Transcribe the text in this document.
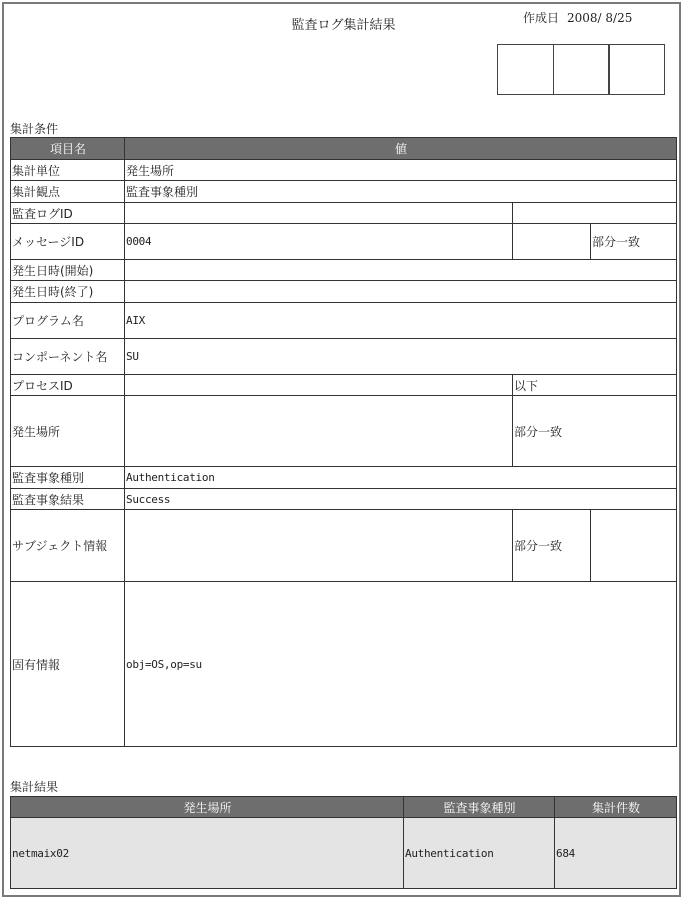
監査ログ集計結果	作成日 2008/ 8/25
集計条件
項目名	値		
集計単位	発生場所		
集計観点	監査事象種別		
監査ログID			
メッセージID	0004		部分一致
発生日時(開始)			
発生日時(終了)			
プログラム名	AIX		
コンポーネント名	SU		
プロセスID		以下	
発生場所		部分一致	
監査事象種別	Authentication		
監査事象結果	Success		
サブジェクト情報		部分一致	
固有情報	obj=OS,op=su		
集計結果
発生場所	監査事象種別	集計件数
netmaix02	Authentication	684
